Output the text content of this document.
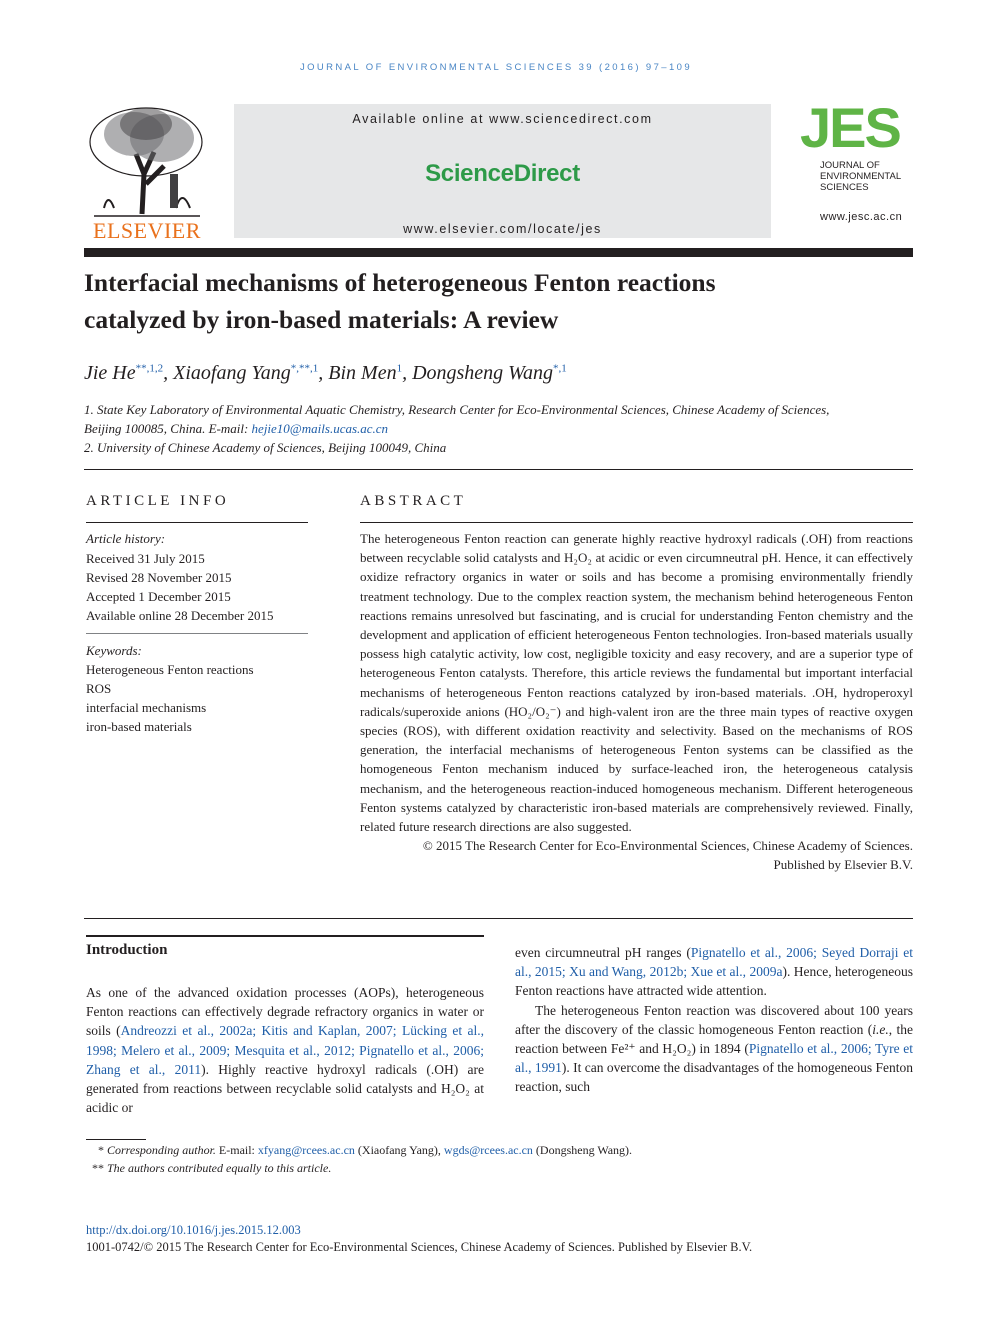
JOURNAL OF ENVIRONMENTAL SCIENCES 39 (2016) 97–109
ELSEVIER
Available online at www.sciencedirect.com
ScienceDirect
www.elsevier.com/locate/jes
JES
JOURNAL OF
ENVIRONMENTAL
SCIENCES
www.jesc.ac.cn
Interfacial mechanisms of heterogeneous Fenton reactions
catalyzed by iron-based materials: A review
Jie $He^{**,1,2}$, Xiaofang Yang$^{*,**,1}$, Bin Men$^1$, Dongsheng Wang$^{*,1}$
1. State Key Laboratory of Environmental Aquatic Chemistry, Research Center for Eco-Environmental Sciences, Chinese Academy of Sciences,
Beijing 100085, China. E-mail: hejie10@mails.ucas.ac.cn
2. University of Chinese Academy of Sciences, Beijing 100049, China
ARTICLE INFO
Article history:
Received 31 July 2015
Revised 28 November 2015
Accepted 1 December 2015
Available online 28 December 2015
Keywords:
Heterogeneous Fenton reactions
ROS
interfacial mechanisms
iron-based materials
ABSTRACT

The heterogeneous Fenton reaction can generate highly reactive hydroxyl radicals (.OH) from reactions between recyclable solid catalysts and H₂O₂ at acidic or even circumneutral pH. Hence, it can effectively oxidize refractory organics in water or soils and has become a promising environmentally friendly treatment technology. Due to the complex reaction system, the mechanism behind heterogeneous Fenton reactions remains unresolved but fascinating, and is crucial for understanding Fenton chemistry and the development and application of efficient heterogeneous Fenton technologies. Iron-based materials usually possess high catalytic activity, low cost, negligible toxicity and easy recovery, and are a superior type of heterogeneous Fenton catalysts. Therefore, this article reviews the fundamental but important interfacial mechanisms of heterogeneous Fenton reactions catalyzed by iron-based materials. .OH, hydroperoxyl radicals/superoxide anions (HO₂/O₂⁻) and high-valent iron are the three main types of reactive oxygen species (ROS), with different oxidation reactivity and selectivity. Based on the mechanisms of ROS generation, the interfacial mechanisms of heterogeneous Fenton systems can be classified as the homogeneous Fenton mechanism induced by surface-leached iron, the heterogeneous catalysis mechanism, and the heterogeneous reaction-induced homogeneous mechanism. Different heterogeneous Fenton systems catalyzed by characteristic iron-based materials are comprehensively reviewed. Finally, related future research directions are also suggested.

© 2015 The Research Center for Eco-Environmental Sciences, Chinese Academy of Sciences.
Published by Elsevier B.V.

Introduction

As one of the advanced oxidation processes (AOPs), heterogeneous Fenton reactions can effectively degrade refractory organics in water or soils (Andreozzi et al., 2002a; Kitis and Kaplan, 2007; Lücking et al., 1998; Melero et al., 2009; Mesquita et al., 2012; Pignatello et al., 2006; Zhang et al., 2011). Highly reactive hydroxyl radicals (.OH) are generated from reactions between recyclable solid catalysts and H₂O₂ at acidic or

even circumneutral pH ranges (Pignatello et al., 2006; Seyed Dorraji et al., 2015; Xu and Wang, 2012b; Xue et al., 2009a). Hence, heterogeneous Fenton reactions have attracted wide attention.

The heterogeneous Fenton reaction was discovered about 100 years after the discovery of the classic homogeneous Fenton reaction (i.e., the reaction between Fe²⁺ and H₂O₂) in 1894 (Pignatello et al., 2006; Tyre et al., 1991). It can overcome the disadvantages of the homogeneous Fenton reaction, such

* Corresponding author. E-mail: xfyang@rcees.ac.cn (Xiaofang Yang), wgds@rcees.ac.cn (Dongsheng Wang).
** The authors contributed equally to this article.
http://dx.doi.org/10.1016/j.jes.2015.12.003
1001-0742/© 2015 The Research Center for Eco-Environmental Sciences, Chinese Academy of Sciences. Published by Elsevier B.V.
